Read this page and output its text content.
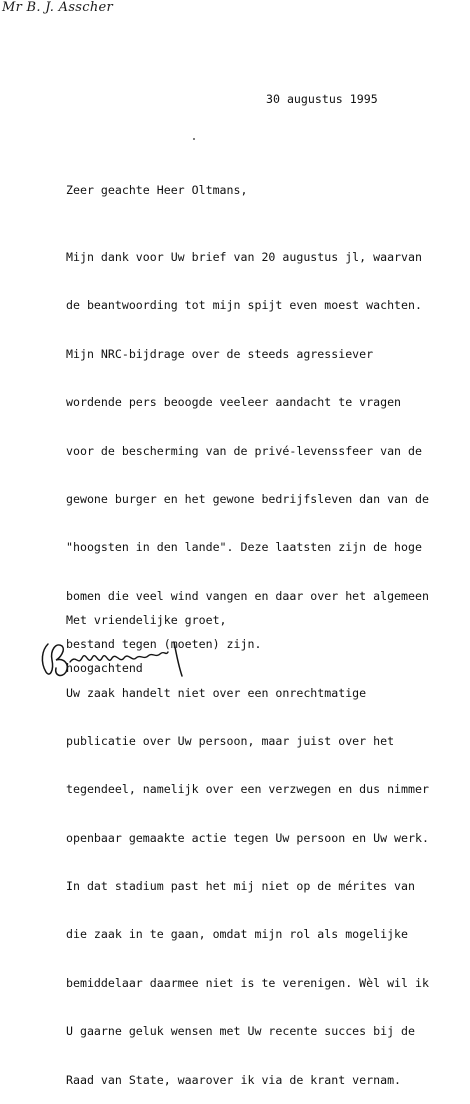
Mr B. J. Asscher
30 augustus 1995
Zeer geachte Heer Oltmans,

Mijn dank voor Uw brief van 20 augustus jl, waarvan

de beantwoording tot mijn spijt even moest wachten.

Mijn NRC-bijdrage over de steeds agressiever

wordende pers beoogde veeleer aandacht te vragen

voor de bescherming van de privé-levenssfeer van de

gewone burger en het gewone bedrijfsleven dan van de

"hoogsten in den lande". Deze laatsten zijn de hoge

bomen die veel wind vangen en daar over het algemeen

bestand tegen (moeten) zijn.

Uw zaak handelt niet over een onrechtmatige

publicatie over Uw persoon, maar juist over het

tegendeel, namelijk over een verzwegen en dus nimmer

openbaar gemaakte actie tegen Uw persoon en Uw werk.

In dat stadium past het mij niet op de mérites van

die zaak in te gaan, omdat mijn rol als mogelijke

bemiddelaar daarmee niet is te verenigen. Wèl wil ik

U gaarne geluk wensen met Uw recente succes bij de

Raad van State, waarover ik via de krant vernam.

Met vriendelijke groet,

hoogachtend
